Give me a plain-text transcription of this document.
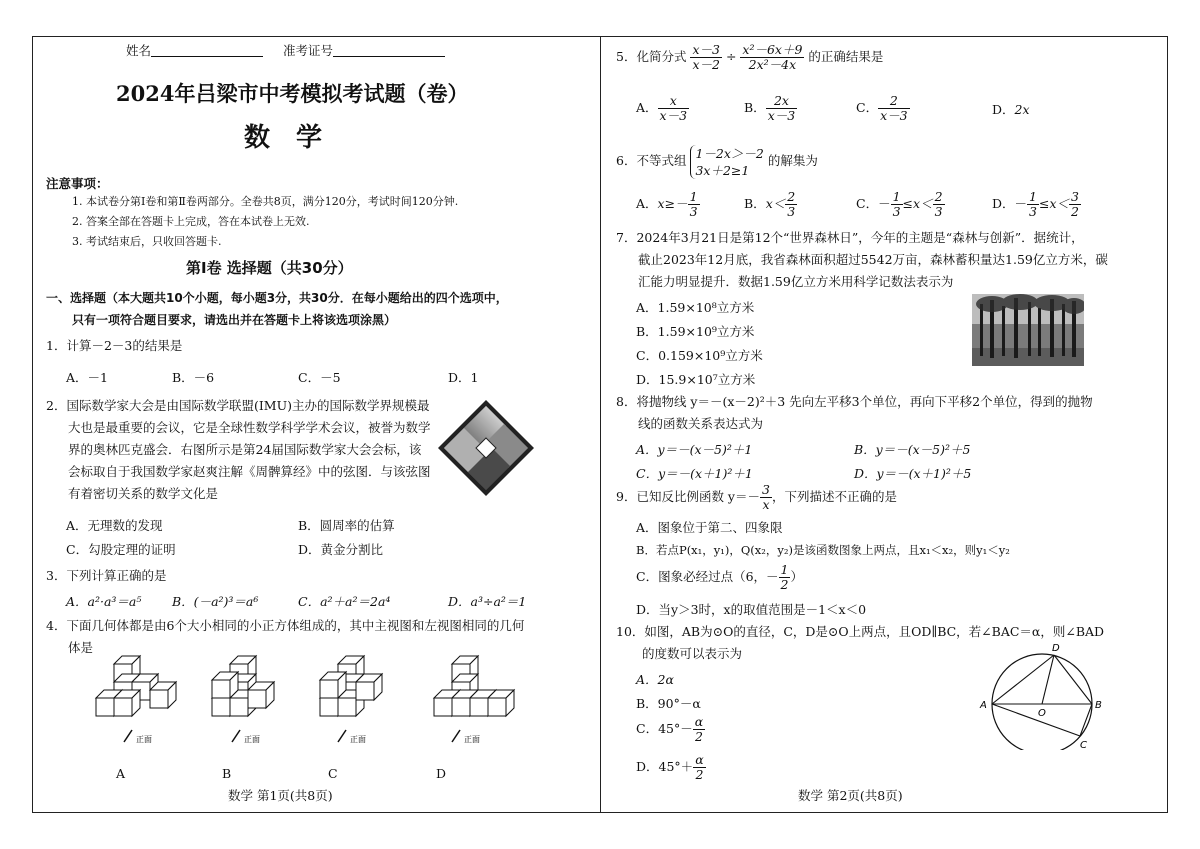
姓名	准考证号
2024年吕梁市中考模拟考试题（卷）
数学
注意事项：
1. 本试卷分第Ⅰ卷和第Ⅱ卷两部分。全卷共8页，满分120分，考试时间120分钟.
2. 答案全部在答题卡上完成，答在本试卷上无效.
3. 考试结束后，只收回答题卡.
第Ⅰ卷 选择题（共30分）
一、选择题（本大题共10个小题，每小题3分，共30分．在每小题给出的四个选项中，
只有一项符合题目要求，请选出并在答题卡上将该选项涂黑）
1．计算－2－3的结果是
A．－1	B．－6	C．－5	D．1
2．国际数学家大会是由国际数学联盟(IMU)主办的国际数学界规模最
大也是最重要的会议，它是全球性数学科学学术会议，被誉为数学
界的奥林匹克盛会．右图所示是第24届国际数学家大会会标，该
会标取自于我国数学家赵爽注解《周髀算经》中的弦图．与该弦图
有着密切关系的数学文化是
A．无理数的发现	B．圆周率的估算
C．勾股定理的证明	D．黄金分割比
3．下列计算正确的是
A．a²·a³＝a⁵ B．(－a²)³＝a⁶	C．a²＋a²＝2a⁴	D．a³÷a²＝1
4．下面几何体都是由6个大小相同的小正方体组成的，其中主视图和左视图相同的几何
体是
正面	正面	正面	正面
A	B	C	D
数学 第1页(共8页)
5．化简分式 $\frac{x-3}{x-2} \div \frac{\text{x²－6x＋9}}{\text{2x²－4x}}$ 的正确结果是
A． $\frac{x}{x-3}$	B． $\frac{2x}{x-3}$	C． $\frac{2}{x-3}$	D．2x
6．不等式组 1－2x＞－2
3x＋2≥1
的解集为
A．$x\ge- \frac{1}{3}$	B．$x< \frac{2}{3}$	C．－ $\frac{1}{3} \le x< \frac{2}{3}$	D．－ $\frac{1}{3} \le x< \frac{3}{2}$
7．2024年3月21日是第12个“世界森林日”，今年的主题是“森林与创新”．据统计，
截止2023年12月底，我省森林面积超过5542万亩，森林蓄积量达1.59亿立方米，碳
汇能力明显提升．数据1.59亿立方米用科学记数法表示为
A．1.59×10⁸立方米
B．1.59×10⁹立方米
C．0.159×10⁹立方米
D．15.9×10⁷立方米
8．将抛物线 y＝－(x－2)²＋3 先向左平移3个单位，再向下平移2个单位，得到的抛物
线的函数关系表达式为
A．y＝－(x－5)²＋1	B．y＝－(x－5)²＋5
C．y＝－(x＋1)²＋1	D．y＝－(x＋1)²＋5
9．已知反比例函数 $y=- \frac{3}{x}$ ，下列描述不正确的是
A．图象位于第二、四象限
B．若点P(x₁，y₁)，Q(x₂，y₂)是该函数图象上两点，且x₁＜x₂，则y₁＜y₂
C．图象必经过点（6，－ $\frac{1}{2}$ ）
D．当y＞3时，x的取值范围是－1＜x＜0
10．如图，AB为⊙O的直径，C，D是⊙O上两点，且OD∥BC，若∠BAC＝α，则∠BAD
的度数可以表示为
A．2α
B．90°－α
C．$45^\circ- \frac{\alpha}{2}$
D．$45^\circ+ \frac{\alpha}{2}$
D
A
O
B
C
数学 第2页(共8页)
